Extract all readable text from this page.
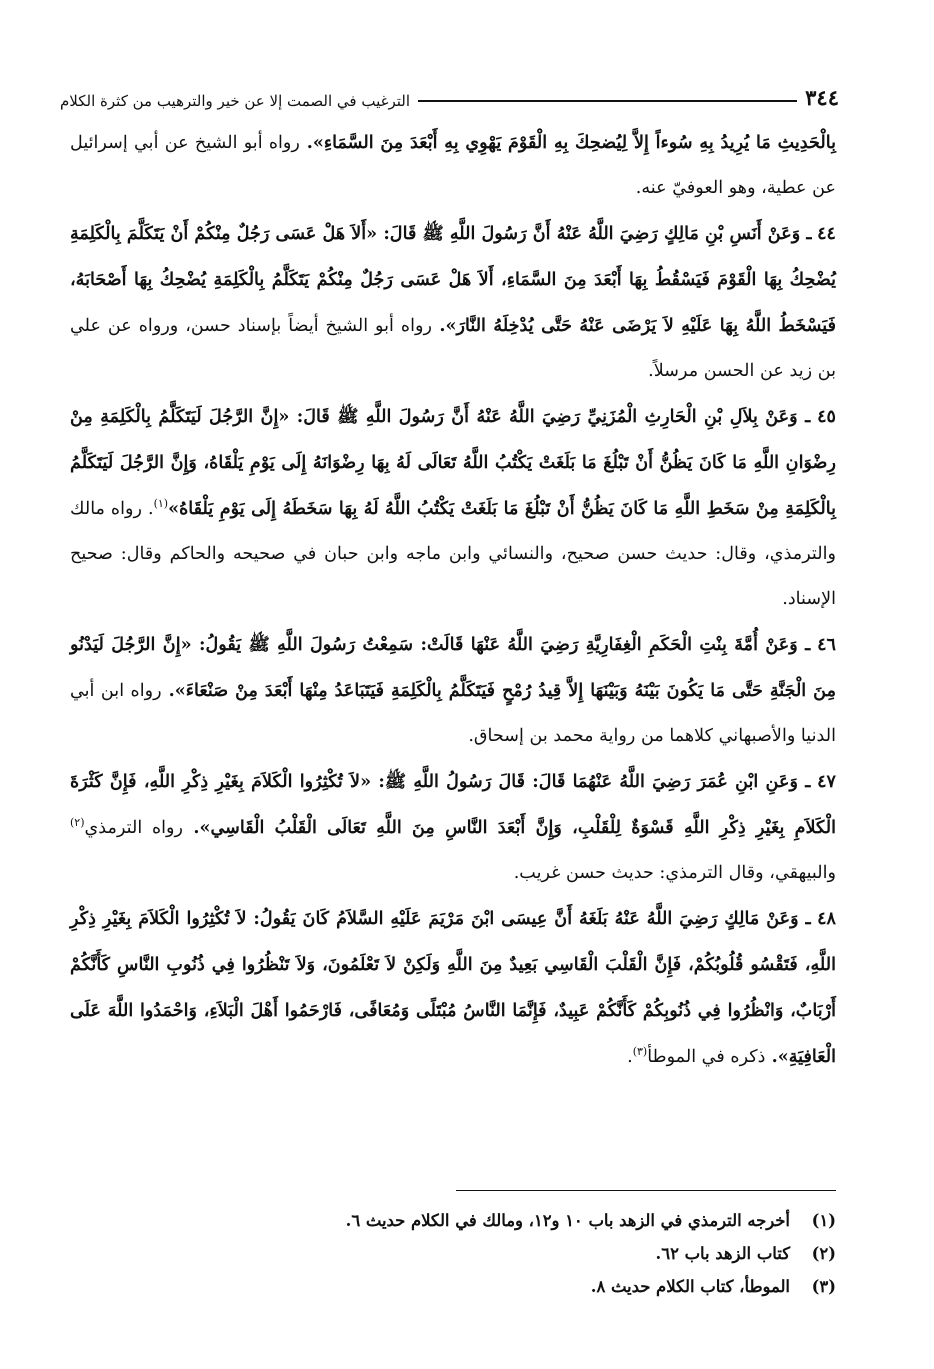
٣٤٤
الترغيب في الصمت إلا عن خير والترهيب من كثرة الكلام

بِالْحَدِيثِ مَا يُرِيدُ بِهِ سُوءاً إِلاَّ لِيُضحِكَ بِهِ الْقَوْمَ يَهْوِي بِهِ أَبْعَدَ مِنَ السَّمَاءِ». رواه أبو الشيخ عن أبي إسرائيل عن عطية، وهو العوفيّ عنه.

٤٤ ـ وَعَنْ أَنَسِ بْنِ مَالِكٍ رَضِيَ اللَّهُ عَنْهُ أَنَّ رَسُولَ اللَّهِ ﷺ قَالَ: «أَلاَ هَلْ عَسَى رَجُلٌ مِنْكُمْ أَنْ يَتَكَلَّمَ بِالْكَلِمَةِ يُضْحِكُ بِهَا الْقَوْمَ فَيَسْقُطُ بِهَا أَبْعَدَ مِنَ السَّمَاءِ، أَلاَ هَلْ عَسَى رَجُلٌ مِنْكُمْ يَتَكَلَّمُ بِالْكَلِمَةِ يُضْحِكُ بِهَا أَصْحَابَهُ، فَيَسْخَطُ اللَّهُ بِهَا عَلَيْهِ لاَ يَرْضَى عَنْهُ حَتَّى يُدْخِلَهُ النَّارَ». رواه أبو الشيخ أيضاً بإسناد حسن، ورواه عن علي بن زيد عن الحسن مرسلاً.

٤٥ ـ وَعَنْ بِلاَلِ بْنِ الْحَارِثِ الْمُزَنِيِّ رَضِيَ اللَّهُ عَنْهُ أَنَّ رَسُولَ اللَّهِ ﷺ قَالَ: «إِنَّ الرَّجُلَ لَيَتَكَلَّمُ بِالْكَلِمَةِ مِنْ رِضْوَانِ اللَّهِ مَا كَانَ يَظُنُّ أَنْ تَبْلُغَ مَا بَلَغَتْ يَكْتُبُ اللَّهُ تَعَالَى لَهُ بِهَا رِضْوَانَهُ إِلَى يَوْمِ يَلْقَاهُ، وَإِنَّ الرَّجُلَ لَيَتَكَلَّمُ بِالْكَلِمَةِ مِنْ سَخَطِ اللَّهِ مَا كَانَ يَظُنُّ أَنْ تَبْلُغَ مَا بَلَغَتْ يَكْتُبُ اللَّهُ لَهُ بِهَا سَخَطَهُ إِلَى يَوْمِ يَلْقَاهُ»$^{(١)}$. رواه مالك والترمذي، وقال: حديث حسن صحيح، والنسائي وابن ماجه وابن حبان في صحيحه والحاكم وقال: صحيح الإسناد.

٤٦ ـ وَعَنْ أُمَّةَ بِنْتِ الْحَكَمِ الْغِفَارِيَّةِ رَضِيَ اللَّهُ عَنْهَا قَالَتْ: سَمِعْتُ رَسُولَ اللَّهِ ﷺ يَقُولُ: «إِنَّ الرَّجُلَ لَيَدْنُو مِنَ الْجَنَّةِ حَتَّى مَا يَكُونَ بَيْنَهُ وَبَيْنَهَا إِلاَّ قِيدُ رُمْحٍ فَيَتَكَلَّمُ بِالْكَلِمَةِ فَيَتَبَاعَدُ مِنْهَا أَبْعَدَ مِنْ صَنْعَاءَ». رواه ابن أبي الدنيا والأصبهاني كلاهما من رواية محمد بن إسحاق.

٤٧ ـ وَعَنِ ابْنِ عُمَرَ رَضِيَ اللَّهُ عَنْهُمَا قَالَ: قَالَ رَسُولُ اللَّهِ ﷺ: «لاَ تُكْثِرُوا الْكَلاَمَ بِغَيْرِ ذِكْرِ اللَّهِ، فَإِنَّ كَثْرَةَ الْكَلاَمِ بِغَيْرِ ذِكْرِ اللَّهِ قَسْوَةٌ لِلْقَلْبِ، وَإِنَّ أَبْعَدَ النَّاسِ مِنَ اللَّهِ تَعَالَى الْقَلْبُ الْقَاسِي». رواه الترمذي$^{(٢)}$ والبيهقي، وقال الترمذي: حديث حسن غريب.

٤٨ ـ وَعَنْ مَالِكٍ رَضِيَ اللَّهُ عَنْهُ بَلَغَهُ أَنَّ عِيسَى ابْنَ مَرْيَمَ عَلَيْهِ السَّلاَمُ كَانَ يَقُولُ: لاَ تُكْثِرُوا الْكَلاَمَ بِغَيْرِ ذِكْرِ اللَّهِ، فَتَقْسُو قُلُوبُكُمْ، فَإِنَّ الْقَلْبَ الْقَاسِي بَعِيدٌ مِنَ اللَّهِ وَلَكِنْ لاَ تَعْلَمُونَ، وَلاَ تَنْظُرُوا فِي ذُنُوبِ النَّاسِ كَأَنَّكُمْ أَرْبَابٌ، وَانْظُرُوا فِي ذُنُوبِكُمْ كَأَنَّكُمْ عَبِيدٌ، فَإِنَّمَا النَّاسُ مُبْتَلًى وَمُعَافًى، فَارْحَمُوا أَهْلَ الْبَلاَءِ، وَاحْمَدُوا اللَّهَ عَلَى الْعَافِيَةِ». ذكره في الموطأ$^{(٣)}$.

(١)
أخرجه الترمذي في الزهد باب ١٠ و١٢، ومالك في الكلام حديث ٦.
(٢)
كتاب الزهد باب ٦٢.
(٣)
الموطأ، كتاب الكلام حديث ٨.
